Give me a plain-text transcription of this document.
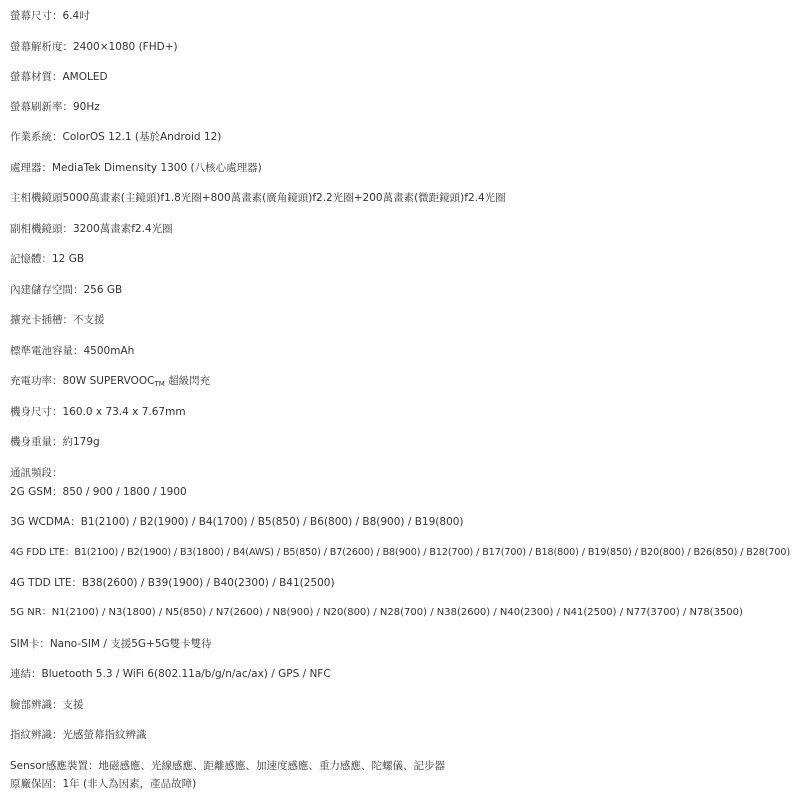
螢幕尺寸：6.4吋
螢幕解析度：2400×1080 (FHD+)
螢幕材質：AMOLED
螢幕刷新率：90Hz
作業系統：ColorOS 12.1 (基於Android 12)
處理器：MediaTek Dimensity 1300 (八核心處理器)
主相機鏡頭5000萬畫素(主鏡頭)f1.8光圈+800萬畫素(廣角鏡頭)f2.2光圈+200萬畫素(微距鏡頭)f2.4光圈
副相機鏡頭：3200萬畫素f2.4光圈
記憶體：12 GB
內建儲存空間：256 GB
擴充卡插槽：不支援
標準電池容量：4500mAh
充電功率：80W $SUPERVOOC_{TM}$ 超級閃充
機身尺寸：160.0 x 73.4 x 7.67mm
機身重量：約179g
通訊頻段：
2G GSM：850 / 900 / 1800 / 1900
3G WCDMA：B1(2100) / B2(1900) / B4(1700) / B5(850) / B6(800) / B8(900) / B19(800)
4G FDD LTE：B1(2100) / B2(1900) / B3(1800) / B4(AWS) / B5(850) / B7(2600) / B8(900) / B12(700) / B17(700) / B18(800) / B19(850) / B20(800) / B26(850) / B28(700)
4G TDD LTE：B38(2600) / B39(1900) / B40(2300) / B41(2500)
5G NR：N1(2100) / N3(1800) / N5(850) / N7(2600) / N8(900) / N20(800) / N28(700) / N38(2600) / N40(2300) / N41(2500) / N77(3700) / N78(3500)
SIM卡：Nano-SIM / 支援5G+5G雙卡雙待
連結：Bluetooth 5.3 / WiFi 6(802.11a/b/g/n/ac/ax) / GPS / NFC
臉部辨識：支援
指紋辨識：光感螢幕指紋辨識
Sensor感應裝置：地磁感應、光線感應、距離感應、加速度感應、重力感應、陀螺儀、記步器
原廠保固：1年 (非人為因素，產品故障)
